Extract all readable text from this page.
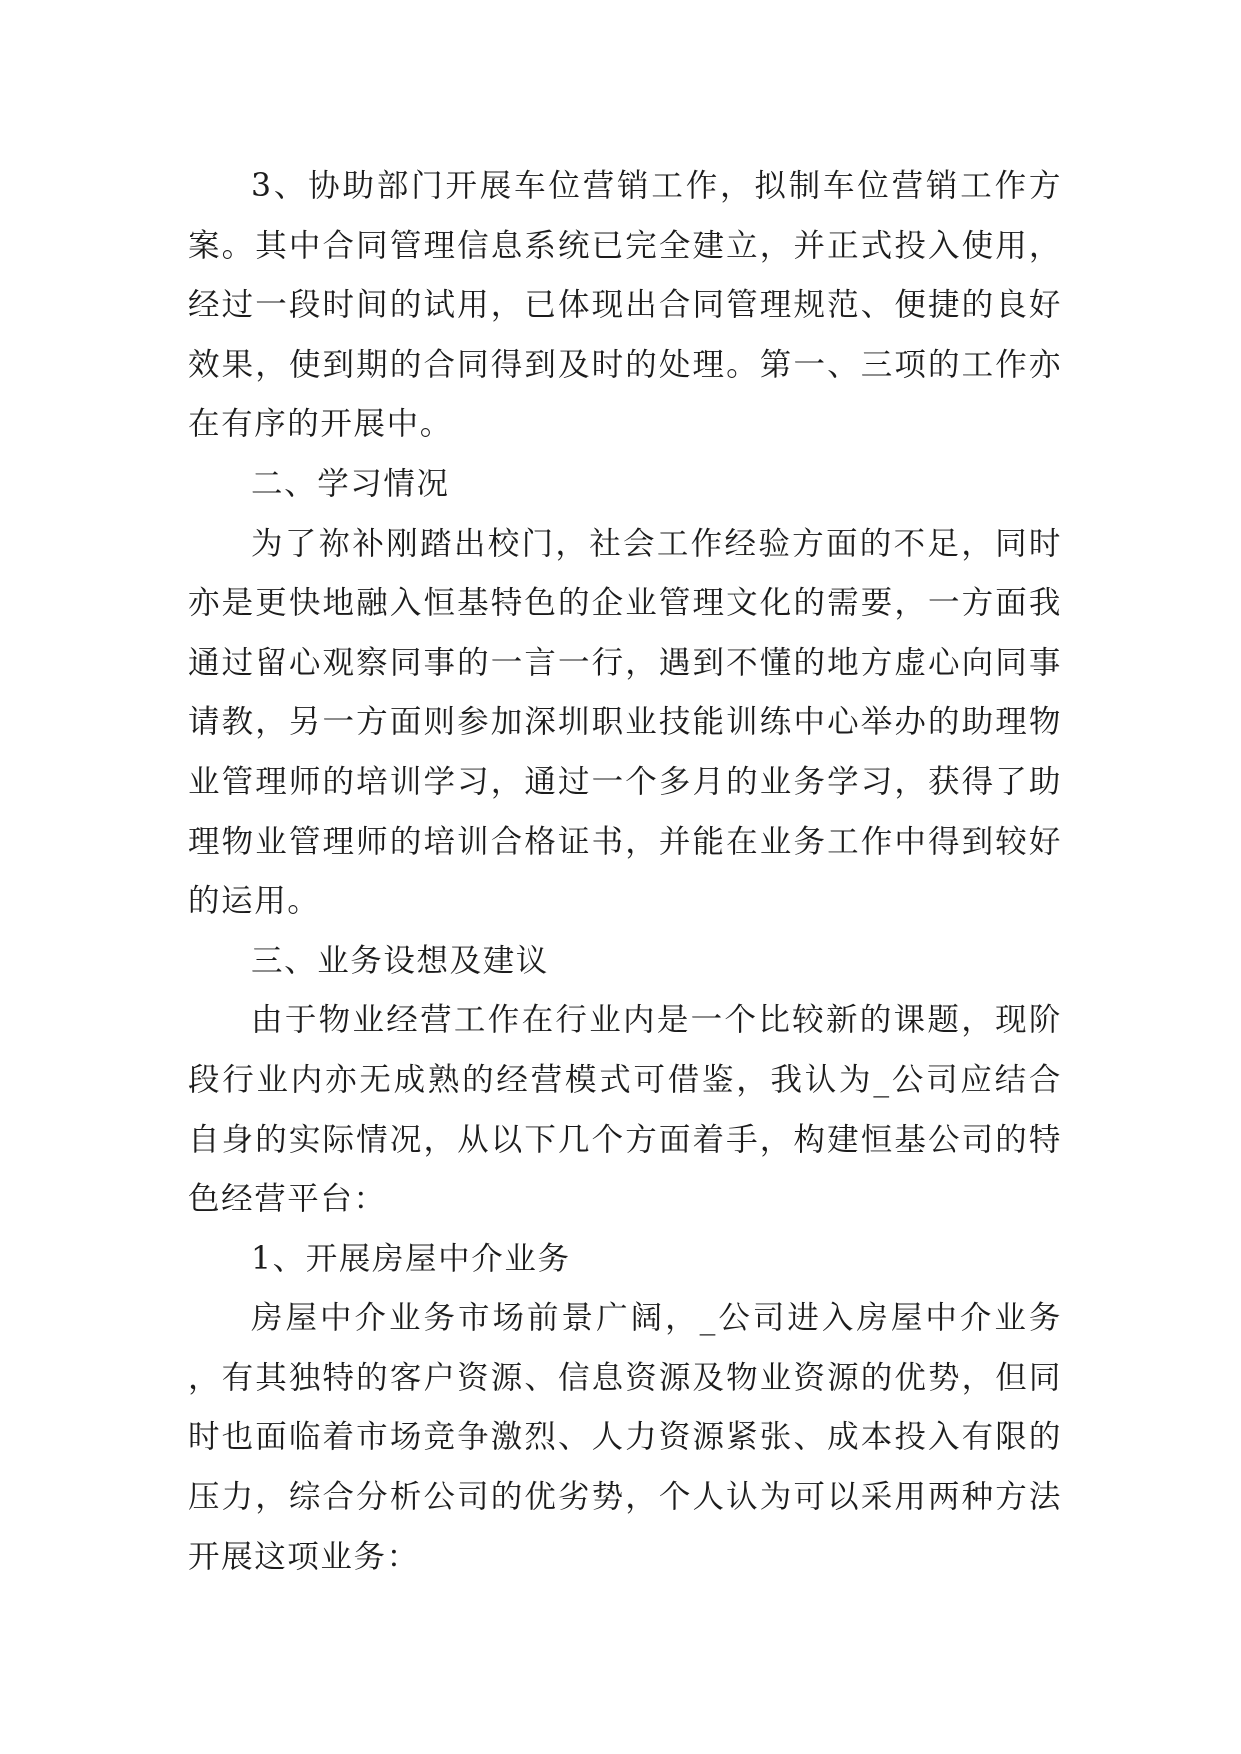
3、协助部门开展车位营销工作，拟制车位营销工作方案。其中合同管理信息系统已完全建立，并正式投入使用，经过一段时间的试用，已体现出合同管理规范、便捷的良好效果，使到期的合同得到及时的处理。第一、三项的工作亦在有序的开展中。

二、学习情况

为了祢补刚踏出校门，社会工作经验方面的不足，同时亦是更快地融入恒基特色的企业管理文化的需要，一方面我通过留心观察同事的一言一行，遇到不懂的地方虚心向同事请教，另一方面则参加深圳职业技能训练中心举办的助理物业管理师的培训学习，通过一个多月的业务学习，获得了助理物业管理师的培训合格证书，并能在业务工作中得到较好的运用。

三、业务设想及建议

由于物业经营工作在行业内是一个比较新的课题，现阶段行业内亦无成熟的经营模式可借鉴，我认为_公司应结合自身的实际情况，从以下几个方面着手，构建恒基公司的特色经营平台：

1、开展房屋中介业务

房屋中介业务市场前景广阔，_公司进入房屋中介业务，有其独特的客户资源、信息资源及物业资源的优势，但同时也面临着市场竞争激烈、人力资源紧张、成本投入有限的压力，综合分析公司的优劣势，个人认为可以采用两种方法开展这项业务：
